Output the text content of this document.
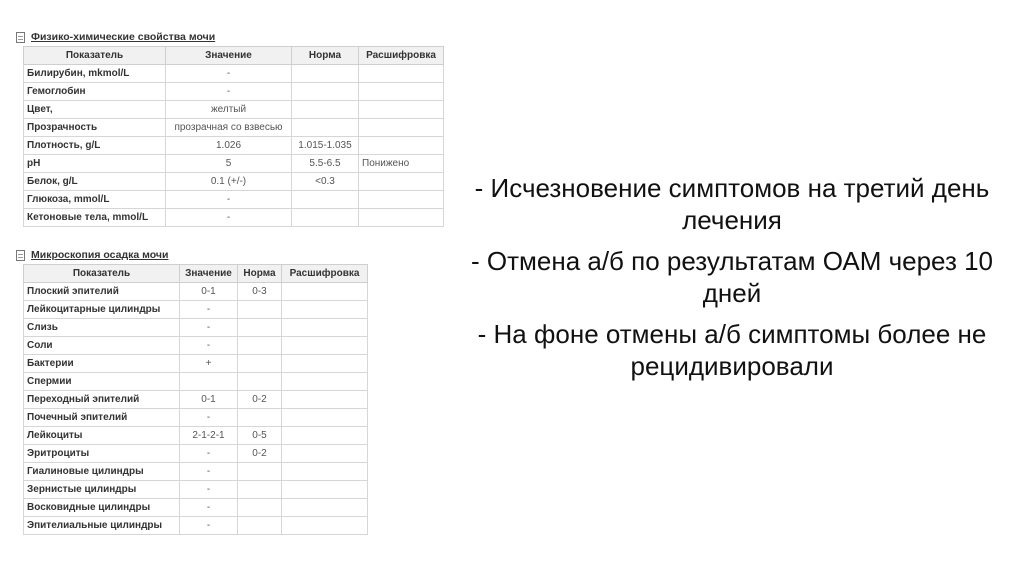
Физико-химические свойства мочи
Показатель	Значение	Норма	Расшифровка
Билирубин, mkmol/L	-		
Гемоглобин	-		
Цвет,	желтый		
Прозрачность	прозрачная со взвесью		
Плотность, g/L	1.026	1.015-1.035	
pH	5	5.5-6.5	Понижено
Белок, g/L	0.1 (+/-)	<0.3	
Глюкоза, mmol/L	-		
Кетоновые тела, mmol/L	-		
Микроскопия осадка мочи
Показатель	Значение	Норма	Расшифровка
Плоский эпителий	0-1	0-3	
Лейкоцитарные цилиндры	-		
Слизь	-		
Соли	-		
Бактерии	+		
Спермии			
Переходный эпителий	0-1	0-2	
Почечный эпителий	-		
Лейкоциты	2-1-2-1	0-5	
Эритроциты	-	0-2	
Гиалиновые цилиндры	-		
Зернистые цилиндры	-		
Восковидные цилиндры	-		
Эпителиальные цилиндры	-		

- Исчезновение симптомов на третий день лечения

- Отмена а/б по результатам ОАМ через 10 дней

- На фоне отмены а/б симптомы более не рецидивировали
